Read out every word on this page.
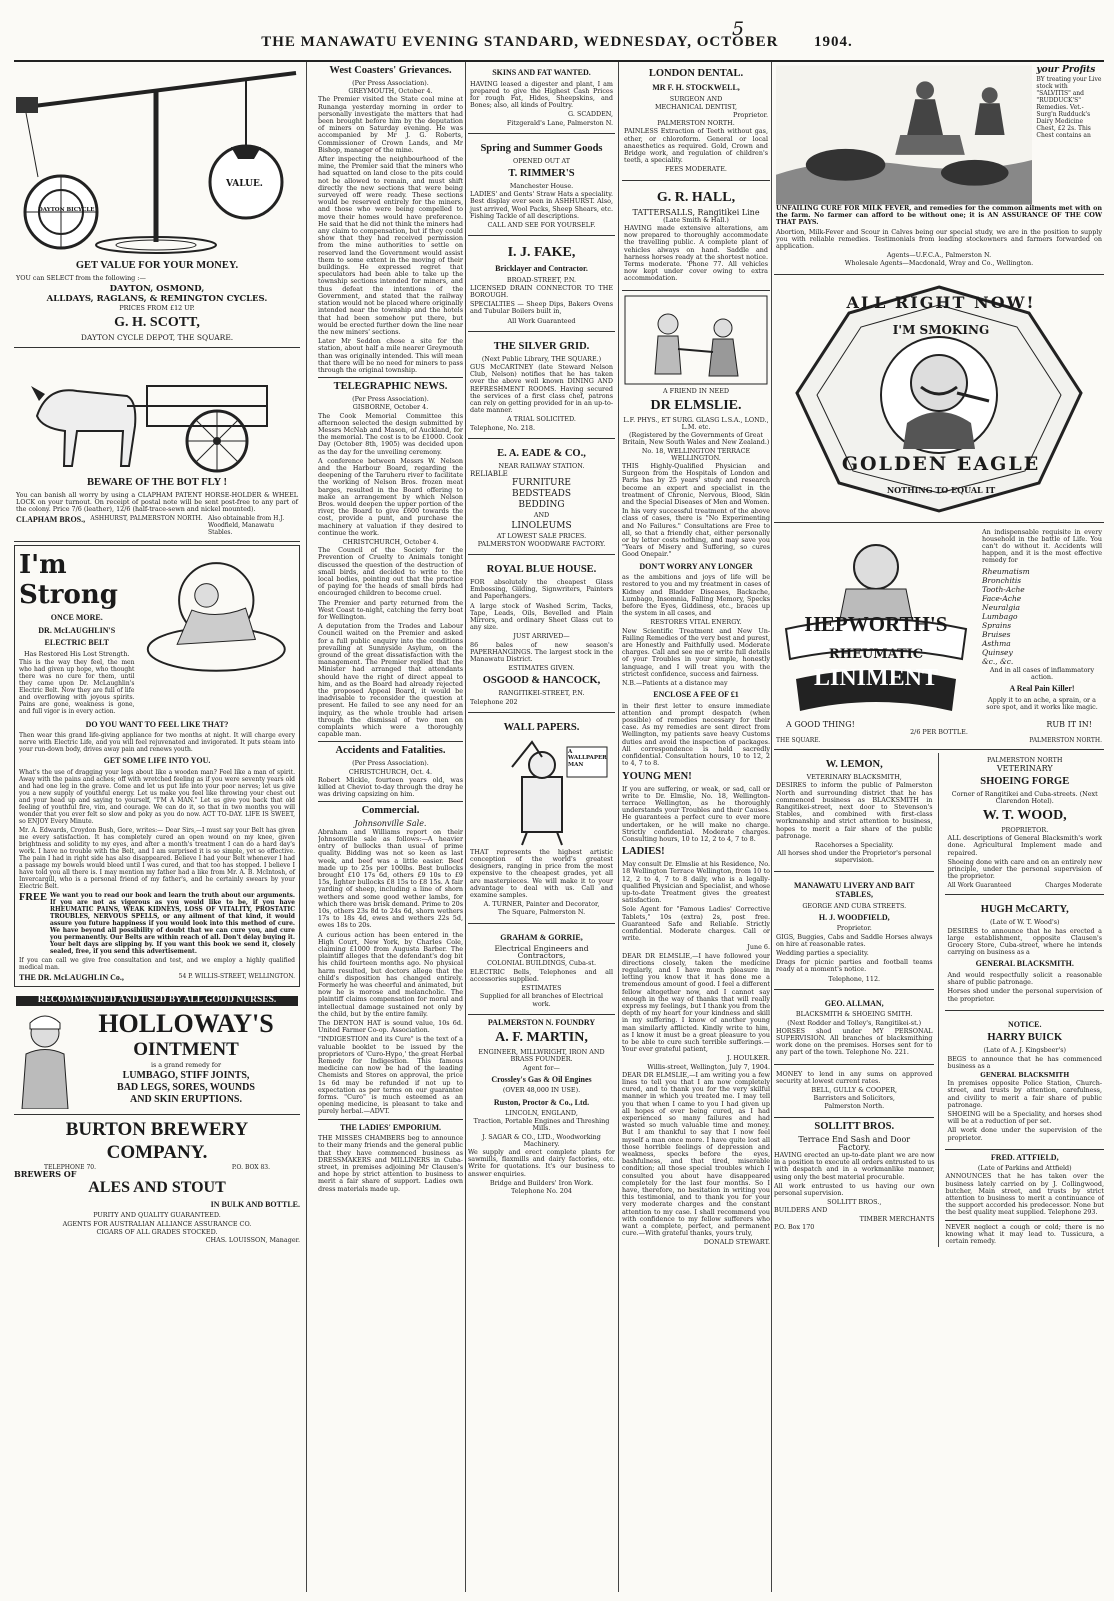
5
THE MANAWATU EVENING STANDARD, WEDNESDAY, OCTOBER 1904.
VALUE.
DAYTON BICYCLE
GET VALUE FOR YOUR MONEY.
YOU can SELECT from the following :—
DAYTON, OSMOND,
ALLDAYS, RAGLANS, & REMINGTON CYCLES.
PRICES FROM £12 UP.
G. H. SCOTT,
DAYTON CYCLE DEPOT, THE SQUARE.
BEWARE OF THE BOT FLY !
You can banish all worry by using a CLAPHAM PATENT HORSE-HOLDER & WHEEL LOCK on your turnout. On receipt of postal note will be sent post-free to any part of the colony. Price 7/6 (leather), 12/6 (half-trace-sewn and nickel mounted).
CLAPHAM BROS., ASHHURST, PALMERSTON NORTH. Also obtainable from H.J. Woodfield, Manawatu Stables.
I'm Strong
ONCE MORE.
DR. McLAUGHLIN'S
ELECTRIC BELT
Has Restored His Lost Strength.
This is the way they feel, the men who had given up hope, who thought there was no cure for them, until they came upon Dr. McLaughlin's Electric Belt. Now they are full of life and overflowing with joyous spirits. Pains are gone, weakness is gone, and full vigor is in every action.
DO YOU WANT TO FEEL LIKE THAT?
Then wear this grand life-giving appliance for two months at night. It will charge every nerve with Electric Life, and you will feel rejuvenated and invigorated. It puts steam into your run-down body, drives away pain and renews youth.
GET SOME LIFE INTO YOU.
What's the use of dragging your legs about like a wooden man? Feel like a man of spirit. Away with the pains and aches; off with wretched feeling as if you were seventy years old and had one leg in the grave. Come and let us put life into your poor nerves; let us give you a new supply of youthful energy. Let us make you feel like throwing your chest out and your head up and saying to yourself, "I'M A MAN." Let us give you back that old feeling of youthful fire, vim, and courage. We can do it, so that in two months you will wonder that you ever felt so slow and poky as you do now. ACT TO-DAY. LIFE IS SWEET, so ENJOY Every Minute.
Mr. A. Edwards, Croydon Bush, Gore, writes:— Dear Sirs,—I must say your Belt has given me every satisfaction. It has completely cured an open wound on my knee, given brightness and solidity to my eyes, and after a month's treatment I can do a hard day's work. I have no trouble with the Belt, and I am surprised it is so simple, yet so effective. The pain I had in right side has also disappeared. Believe I had your Belt whenever I had a passage my bowels would bleed until I was cured, and that too has stopped. I believe I have told you all there is. I may mention my father had a like from Mr. A. B. McIntosh, of Invercargill, who is a personal friend of my father's, and he certainly swears by your Electric Belt.
FREE We want you to read our book and learn the truth about our arguments. If you are not as vigorous as you would like to be, if you have RHEUMATIC PAINS, WEAK KIDNEYS, LOSS OF VITALITY, PROSTATIC TROUBLES, NERVOUS SPELLS, or any ailment of that kind, it would assure you future happiness if you would look into this method of cure. We have beyond all possibility of doubt that we can cure you, and cure you permanently. Our Belts are within reach of all. Don't delay buying it. Your belt days are slipping by. If you want this book we send it, closely sealed, free, if you send this advertisement.
If you can call we give free consultation and test, and we employ a highly qualified medical man.
THE DR. McLAUGHLIN Co.,	54 P. WILLIS-STREET, WELLINGTON.
RECOMMENDED AND USED BY ALL GOOD NURSES.
HOLLOWAY'S
OINTMENT
is a grand remedy for
LUMBAGO, STIFF JOINTS,
BAD LEGS, SORES, WOUNDS
AND SKIN ERUPTIONS.
BURTON BREWERY COMPANY.
TELEPHONE 70.	P.O. BOX 83.
BREWERS OF
ALES AND STOUT
IN BULK AND BOTTLE.
PURITY AND QUALITY GUARANTEED.
AGENTS FOR AUSTRALIAN ALLIANCE ASSURANCE CO.
CIGARS OF ALL GRADES STOCKED.
CHAS. LOUISSON, Manager.
West Coasters' Grievances.
(Per Press Association).
GREYMOUTH, October 4.
The Premier visited the State coal mine at Runanga yesterday morning in order to personally investigate the matters that had been brought before him by the deputation of miners on Saturday evening. He was accompanied by Mr J. G. Roberts, Commissioner of Crown Lands, and Mr Bishop, manager of the mine.
After inspecting the neighbourhood of the mine, the Premier said that the miners who had squatted on land close to the pits could not be allowed to remain, and must shift directly the new sections that were being surveyed off were ready. These sections would be reserved entirely for the miners, and those who were being compelled to move their homes would have preference. He said that he did not think the miners had any claim to compensation, but if they could show that they had received permission from the mine authorities to settle on reserved land the Government would assist them to some extent in the moving of their buildings. He expressed regret that speculators had been able to take up the township sections intended for miners, and thus defeat the intentions of the Government, and stated that the railway station would not be placed where originally intended near the township and the hotels that had been somehow put there, but would be erected further down the line near the new miners' sections.
Later Mr Seddon chose a site for the station, about half a mile nearer Greymouth than was originally intended. This will mean that there will be no need for miners to pass through the original township.
TELEGRAPHIC NEWS.
(Per Press Association).
GISBORNE, October 4.
The Cook Memorial Committee this afternoon selected the design submitted by Messrs McNab and Mason, of Auckland, for the memorial. The cost is to be £1000. Cook Day (October 8th, 1905) was decided upon as the day for the unveiling ceremony.
A conference between Messrs W. Nelson and the Harbour Board, regarding the deepening of the Taruheru river to facilitate the working of Nelson Bros. frozen meat barges, resulted in the Board offering to make an arrangement by which Nelson Bros. would deepen the upper portion of the river, the Board to give £600 towards the cost, provide a punt, and purchase the machinery at valuation if they desired to continue the work.
CHRISTCHURCH, October 4.
The Council of the Society for the Prevention of Cruelty to Animals tonight discussed the question of the destruction of small birds, and decided to write to the local bodies, pointing out that the practice of paying for the heads of small birds had encouraged children to become cruel.
The Premier and party returned from the West Coast to-night, catching the ferry boat for Wellington.
A deputation from the Trades and Labour Council waited on the Premier and asked for a full public enquiry into the conditions prevailing at Sunnyside Asylum, on the ground of the great dissatisfaction with the management. The Premier replied that the Minister had arranged that attendants should have the right of direct appeal to him, and as the Board had already rejected the proposed Appeal Board, it would be inadvisable to reconsider the question at present. He failed to see any need for an inquiry, as the whole trouble had arisen through the dismissal of two men on complaints which were a thoroughly capable man.
Accidents and Fatalities.
(Per Press Association).
CHRISTCHURCH, Oct. 4.
Robert Mickle, fourteen years old, was killed at Cheviot to-day through the dray he was driving capsizing on him.
Commercial.
Johnsonville Sale.
Abraham and Williams report on their Johnsonville sale as follows:—A heavier entry of bullocks than usual of prime quality. Bidding was not so keen as last week, and beef was a little easier. Beef made up to 25s per 100lbs. Best bullocks brought £10 17s 6d, others £9 10s to £9 15s, lighter bullocks £8 15s to £8 15s. A fair yarding of sheep, including a line of shorn wethers and some good wether lambs, for which there was brisk demand. Prime to 20s 10s, others 23s 8d to 24s 6d, shorn wethers 17s to 18s 4d, ewes and wethers 22s 5d, ewes 18s to 20s.
A curious action has been entered in the High Court, New York, by Charles Cole, claiming £1000 from Augusta Barber. The plaintiff alleges that the defendant's dog bit his child fourteen months ago. No physical harm resulted, but doctors allege that the child's disposition has changed entirely. Formerly he was cheerful and animated, but now he is morose and melancholic. The plaintiff claims compensation for moral and intellectual damage sustained not only by the child, but by the entire family.
The DENTON HAT is sound value, 10s 6d. United Farmer Co-op. Association.
"INDIGESTION and its Cure" is the text of a valuable booklet to be issued by the proprietors of 'Curo-Hypo,' the great Herbal Remedy for Indigestion. This famous medicine can now be had of the leading Chemists and Stores on approval, the price 1s 6d may be refunded if not up to expectation as per terms on our guarantee forms. "Curo" is much esteemed as an opening medicine, is pleasant to take and purely herbal.—ADVT.
THE LADIES' EMPORIUM.
THE MISSES CHAMBERS beg to announce to their many friends and the general public that they have commenced business as DRESSMAKERS and MILLINERS in Cuba-street, in premises adjoining Mr Clausen's and hope by strict attention to business to merit a fair share of support. Ladies own dress materials made up.
SKINS AND FAT WANTED.
HAVING leased a digester and plant, I am prepared to give the Highest Cash Prices for rough Fat, Hides, Sheepskins, and Bones; also, all kinds of Poultry.
G. SCADDEN,
Fitzgerald's Lane, Palmerston N.
Spring and Summer Goods
OPENED OUT AT
T. RIMMER'S
Manchester House.
LADIES' and Gents' Straw Hats a speciality. Best display ever seen in ASHHURST. Also, just arrived, Wool Packs, Sheep Shears, etc. Fishing Tackle of all descriptions.
CALL AND SEE FOR YOURSELF.
I. J. FAKE,
Bricklayer and Contractor.
BROAD-STREET, P.N.
LICENSED DRAIN CONNECTOR TO THE BOROUGH.
SPECIALTIES — Sheep Dips, Bakers Ovens and Tubular Boilers built in,
All Work Guaranteed
THE SILVER GRID.
(Next Public Library, THE SQUARE.)
GUS McCARTNEY (late Steward Nelson Club, Nelson) notifies that he has taken over the above well known DINING AND REFRESHMENT ROOMS. Having secured the services of a first class chef, patrons can rely on getting provided for in an up-to-date manner.
A TRIAL SOLICITED.
Telephone, No. 218.
E. A. EADE & CO.,
NEAR RAILWAY STATION.
RELIABLE
FURNITURE
BEDSTEADS
BEDDING
AND
LINOLEUMS
AT LOWEST SALE PRICES.
PALMERSTON WOODWARE FACTORY.
ROYAL BLUE HOUSE.
FOR absolutely the cheapest Glass Embossing, Gilding, Signwriters, Painters and Paperhangers.
A large stock of Washed Scrim, Tacks, Tape, Leads, Oils, Bevelled and Plain Mirrors, and ordinary Sheet Glass cut to any size.
JUST ARRIVED—
86 bales of new season's PAPERHANGINGS. The largest stock in the Manawatu District.
ESTIMATES GIVEN.
OSGOOD & HANCOCK,
RANGITIKEI-STREET, P.N.
Telephone 202
WALL PAPERS.
A WALLPAPER MAN
THAT represents the highest artistic conception of the world's greatest designers, ranging in price from the most expensive to the cheapest grades, yet all are masterpieces. We will make it to your advantage to deal with us. Call and examine samples.
A. TURNER, Painter and Decorator,
The Square, Palmerston N.
GRAHAM & GORRIE,
Electrical Engineers and Contractors,
COLONIAL BUILDINGS, Cuba-st.
ELECTRIC Bells, Telephones and all accessories supplied.
ESTIMATES
Supplied for all branches of Electrical work.
PALMERSTON N. FOUNDRY
A. F. MARTIN,
ENGINEER, MILLWRIGHT, IRON AND BRASS FOUNDER.
Agent for—
Crossley's Gas & Oil Engines
(OVER 48,000 IN USE).
Ruston, Proctor & Co., Ltd.
LINCOLN, ENGLAND,
Traction, Portable Engines and Threshing Mills.
J. SAGAR & CO., LTD., Woodworking Machinery.
We supply and erect complete plants for sawmills, flaxmills and dairy factories, etc. Write for quotations. It's our business to answer enquiries.
Bridge and Builders' Iron Work.
Telephone No. 204
LONDON DENTAL.
MR F. H. STOCKWELL,
SURGEON AND
MECHANICAL DENTIST,
Proprietor.
PALMERSTON NORTH.
PAINLESS Extraction of Teeth without gas, ether, or chloroform. General or local anaesthetics as required. Gold, Crown and Bridge work, and regulation of children's teeth, a speciality.
FEES MODERATE.
G. R. HALL,
TATTERSALLS, Rangitikei Line
(Late Smith & Hall.)
HAVING made extensive alterations, am now prepared to thoroughly accommodate the travelling public. A complete plant of vehicles always on hand. Saddle and harness horses ready at the shortest notice. Terms moderate. 'Phone 77. All vehicles now kept under cover owing to extra accommodation.
A FRIEND IN NEED
DR ELMSLIE.
L.F. PHYS., ET SURG. GLASG L.S.A., LOND., L.M. etc.
(Registered by the Governments of Great Britain, New South Wales and New Zealand.)
No. 18, WELLINGTON TERRACE WELLINGTON.
THIS Highly-Qualified Physician and Surgeon from the Hospitals of London and Paris has by 25 years' study and research become an expert and specialist in the treatment of Chronic, Nervous, Blood, Skin and the Special Diseases of Men and Women.
In his very successful treatment of the above class of cases, there is "No Experimenting and No Failures." Consultations are Free to all, so that a friendly chat, either personally or by letter costs nothing, and may save you "Years of Misery and Suffering, so cures Good Onepair."
DON'T WORRY ANY LONGER
as the ambitions and joys of life will be restored to you and my treatment in cases of Kidney and Bladder Diseases, Backache, Lumbago, Insomnia, Falling Memory, Specks before the Eyes, Giddiness, etc., braces up the system in all cases, and
RESTORES VITAL ENERGY.
New Scientific Treatment and New Un-Failing Remedies of the very best and purest, are Honestly and Faithfully used. Moderate charges. Call and see me or write full details of your Troubles in your simple, honestly language, and I will treat you with the strictest confidence, success and fairness.
N.B.—Patients at a distance may
ENCLOSE A FEE OF £1
in their first letter to ensure immediate attention and prompt despatch (when possible) of remedies necessary for their case. As my remedies are sent direct from Wellington, my patients save heavy Customs duties and avoid the inspection of packages. All correspondence is held sacredly confidential. Consultation hours, 10 to 12, 2 to 4, 7 to 8.
YOUNG MEN!
If you are suffering, or weak, or sad, call or write to Dr. Elmslie, No. 18, Wellington-terrace Wellington, as he thoroughly understands your Troubles and their Causes. He guarantees a perfect cure to ever more undertaken, or he will make no charge. Strictly confidential. Moderate charges. Consulting hours, 10 to 12, 2 to 4, 7 to 8.
LADIES!
May consult Dr. Elmslie at his Residence, No. 18 Wellington Terrace Wellington, from 10 to 12, 2 to 4, 7 to 8 daily, who is a legally-qualified Physician and Specialist, and whose up-to-date Treatment gives the greatest satisfaction.
Sole Agent for "Famous Ladies' Corrective Tablets," 10s (extra) 2s, post free. Guaranteed Safe and Reliable. Strictly confidential. Moderate charges. Call or write.
June 6.
DEAR DR ELMSLIE,—I have followed your directions closely, taken the medicine regularly, and I have much pleasure in letting you know that it has done me a tremendous amount of good. I feel a different fellow altogether now, and I cannot say enough in the way of thanks that will really express my feelings, but I thank you from the depth of my heart for your kindness and skill in my suffering. I know of another young man similarly afflicted. Kindly write to him, as I know it must be a great pleasure to you to be able to cure such terrible sufferings.—Your ever grateful patient,
J. HOULKER.
Willis-street, Wellington, July 7, 1904.
DEAR DR ELMSLIE,—I am writing you a few lines to tell you that I am now completely cured, and to thank you for the very skilful manner in which you treated me. I may tell you that when I came to you I had given up all hopes of ever being cured, as I had experienced so many failures and had wasted so much valuable time and money. But I am thankful to say that I now feel myself a man once more. I have quite lost all those horrible feelings of depression and weakness, specks before the eyes, bashfulness, and that tired, miserable condition; all those special troubles which I consulted you about have disappeared completely for the last four months. So I have, therefore, no hesitation in writing you this testimonial, and to thank you for your very moderate charges and the constant attention to my case. I shall recommend you with confidence to my fellow sufferers who want a complete, perfect, and permanent cure.—With grateful thanks, yours truly,
DONALD STEWART.
your Profits
BY treating your Live stock with "SALVITIS" and "RUDDUCK'S" Remedies. Vet.-Surg'n Rudduck's Dairy Medicine Chest, £2 2s. This Chest contains an
UNFAILING CURE FOR MILK FEVER, and remedies for the common ailments met with on the farm. No farmer can afford to be without one; it is AN ASSURANCE OF THE COW THAT PAYS.
Abortion, Milk-Fever and Scour in Calves being our special study, we are in the position to supply you with reliable remedies. Testimonials from leading stockowners and farmers forwarded on application.
Agents—U.F.C.A., Palmerston N.
Wholesale Agents—Macdonald, Wray and Co., Wellington.
ALL RIGHT NOW!
I'M SMOKING
GOLDEN EAGLE
NOTHING TO EQUAL IT
HEPWORTH'S
RHEUMATIC
LINIMENT
An indispensable requisite in every household in the battle of Life. You can't do without it. Accidents will happen, and it is the most effective remedy for
Rheumatism
Bronchitis
Tooth-Ache
Face-Ache
Neuralgia
Lumbago
Sprains
Bruises
Asthma
Quinsey
&c., &c.
And in all cases of inflammatory action.
A Real Pain Killer!
Apply it to an ache, a sprain, or a sore spot, and it works like magic.
A GOOD THING!	RUB IT IN!
2/6 PER BOTTLE.
THE SQUARE.	PALMERSTON NORTH.
W. LEMON,
VETERINARY BLACKSMITH,
DESIRES to inform the public of Palmerston North and surrounding district that he has commenced business as BLACKSMITH in Rangitikei-street, next door to Stevenson's Stables, and combined with first-class workmanship and strict attention to business, hopes to merit a fair share of the public patronage.
Racehorses a Speciality.
All horses shod under the Proprietor's personal supervision.
MANAWATU LIVERY AND BAIT STABLES,
GEORGE AND CUBA STREETS.
H. J. WOODFIELD,
Proprietor.
GIGS, Buggies, Cabs and Saddle Horses always on hire at reasonable rates.
Wedding parties a speciality.
Drags for picnic parties and football teams ready at a moment's notice.
Telephone, 112.
GEO. ALLMAN,
BLACKSMITH & SHOEING SMITH.
(Next Rodder and Tolley's, Rangitikei-st.)
HORSES shod under MY PERSONAL SUPERVISION. All branches of blacksmithing work done on the premises. Horses sent for to any part of the town. Telephone No. 221.
MONEY to lend in any sums on approved security at lowest current rates.
BELL, GULLY & COOPER,
Barristers and Solicitors,
Palmerston North.
SOLLITT BROS.
Terrace End Sash and Door
Factory.
HAVING erected an up-to-date plant we are now in a position to execute all orders entrusted to us with despatch and in a workmanlike manner, using only the best material procurable.
All work entrusted to us having our own personal supervision.
SOLLITT BROS.,
BUILDERS AND
TIMBER MERCHANTS
P.O. Box 170
PALMERSTON NORTH
VETERINARY
SHOEING FORGE
Corner of Rangitikei and Cuba-streets. (Next Clarendon Hotel).
W. T. WOOD,
PROPRIETOR.
ALL descriptions of General Blacksmith's work done. Agricultural Implement made and repaired.
Shoeing done with care and on an entirely new principle, under the personal supervision of the proprietor.
All Work Guaranteed	Charges Moderate
HUGH McCARTY,
(Late of W. T. Wood's)
DESIRES to announce that he has erected a large establishment, opposite Clausen's Grocery Store, Cuba-street, where he intends carrying on business as a
GENERAL BLACKSMITH.
And would respectfully solicit a reasonable share of public patronage.
Horses shod under the personal supervision of the proprietor.
NOTICE.
HARRY BUICK
(Late of A. J. Kingsbeer's)
BEGS to announce that he has commenced business as a
GENERAL BLACKSMITH
In premises opposite Police Station, Church-street, and trusts by attention, carefulness, and civility to merit a fair share of public patronage.
SHOEING will be a Speciality, and horses shod will be at a reduction of per set.
All work done under the supervision of the proprietor.
FRED. ATTFIELD,
(Late of Parkins and Attfield)
ANNOUNCES that he has taken over the business lately carried on by J. Collingwood, butcher, Main street, and trusts by strict attention to business to merit a continuance of the support accorded his predecessor. None but the best quality meat supplied. Telephone 293.
NEVER neglect a cough or cold; there is no knowing what it may lead to. Tussicura, a certain remedy.
